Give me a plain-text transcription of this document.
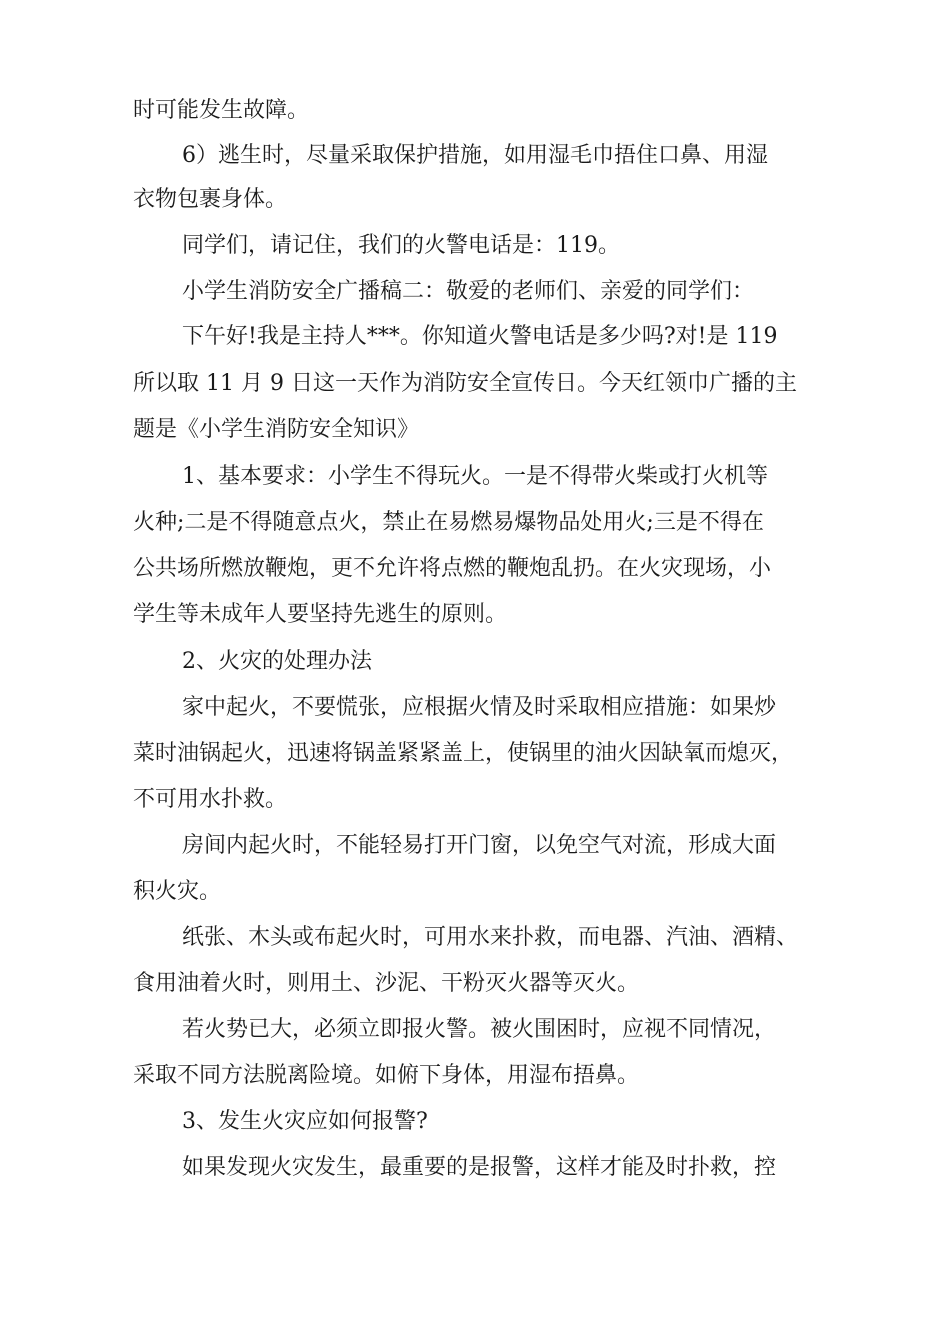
时可能发生故障。
6）逃生时，尽量采取保护措施，如用湿毛巾捂住口鼻、用湿
衣物包裹身体。
同学们，请记住，我们的火警电话是：119。
小学生消防安全广播稿二：敬爱的老师们、亲爱的同学们：
下午好!我是主持人***。你知道火警电话是多少吗?对!是 119
所以取 11 月 9 日这一天作为消防安全宣传日。今天红领巾广播的主
题是《小学生消防安全知识》
1、基本要求：小学生不得玩火。一是不得带火柴或打火机等
火种;二是不得随意点火，禁止在易燃易爆物品处用火;三是不得在
公共场所燃放鞭炮，更不允许将点燃的鞭炮乱扔。在火灾现场，小
学生等未成年人要坚持先逃生的原则。
2、火灾的处理办法
家中起火，不要慌张，应根据火情及时采取相应措施：如果炒
菜时油锅起火，迅速将锅盖紧紧盖上，使锅里的油火因缺氧而熄灭，
不可用水扑救。
房间内起火时，不能轻易打开门窗，以免空气对流，形成大面
积火灾。
纸张、木头或布起火时，可用水来扑救，而电器、汽油、酒精、
食用油着火时，则用土、沙泥、干粉灭火器等灭火。
若火势已大，必须立即报火警。被火围困时，应视不同情况，
采取不同方法脱离险境。如俯下身体，用湿布捂鼻。
3、发生火灾应如何报警?
如果发现火灾发生，最重要的是报警，这样才能及时扑救，控
